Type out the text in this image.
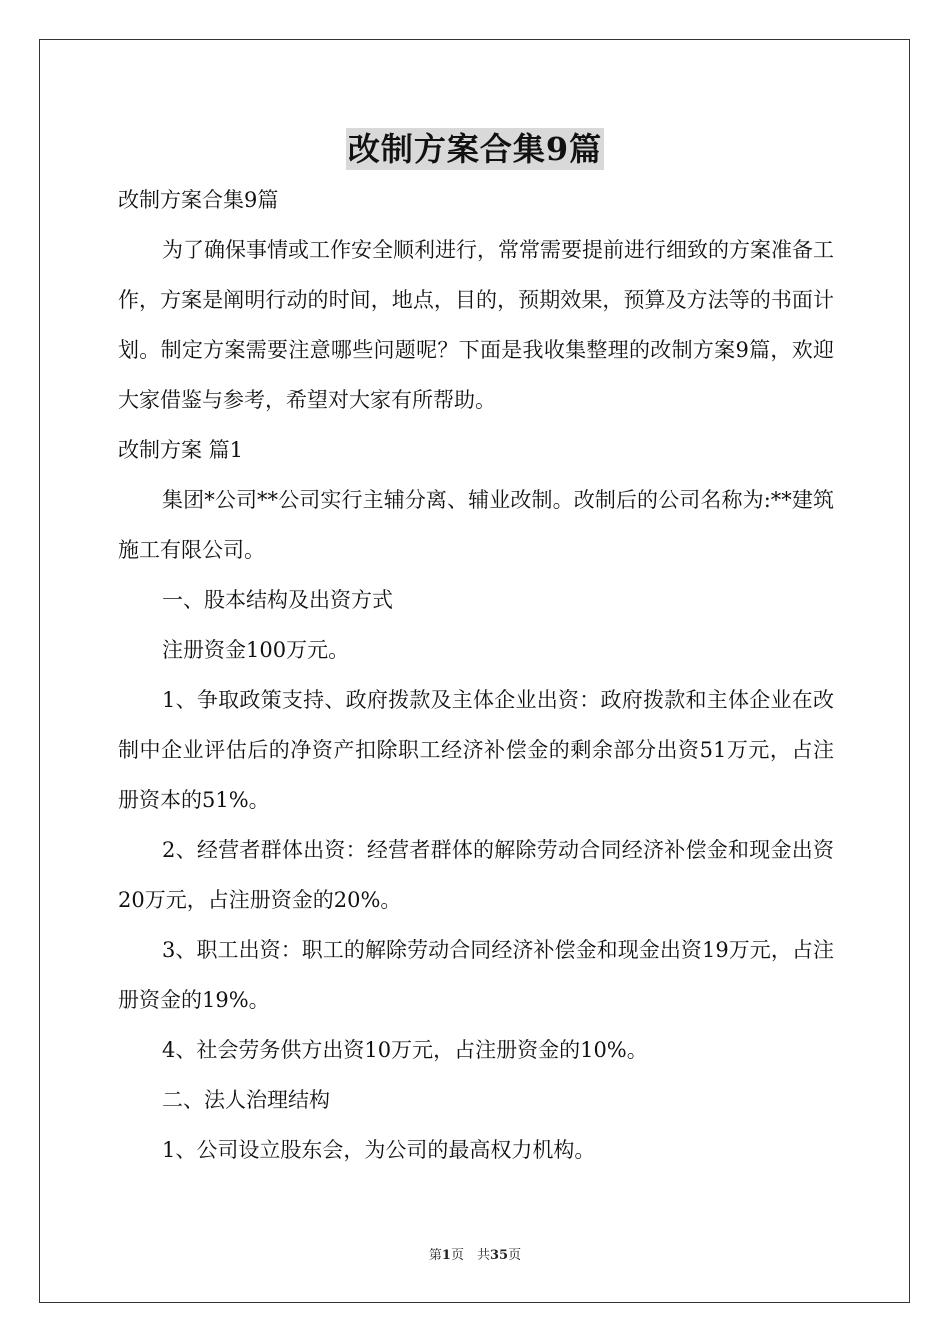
改制方案合集9篇

改制方案合集9篇

为了确保事情或工作安全顺利进行，常常需要提前进行细致的方案准备工作，方案是阐明行动的时间，地点，目的，预期效果，预算及方法等的书面计划。制定方案需要注意哪些问题呢？下面是我收集整理的改制方案9篇，欢迎大家借鉴与参考，希望对大家有所帮助。

改制方案 篇1

集团*公司**公司实行主辅分离、辅业改制。改制后的公司名称为:**建筑施工有限公司。

一、股本结构及出资方式

注册资金100万元。

1、争取政策支持、政府拨款及主体企业出资：政府拨款和主体企业在改制中企业评估后的净资产扣除职工经济补偿金的剩余部分出资51万元，占注册资本的51%。

2、经营者群体出资：经营者群体的解除劳动合同经济补偿金和现金出资20万元，占注册资金的20%。

3、职工出资：职工的解除劳动合同经济补偿金和现金出资19万元，占注册资金的19%。

4、社会劳务供方出资10万元，占注册资金的10%。

二、法人治理结构

1、公司设立股东会，为公司的最高权力机构。

第1页　共35页
